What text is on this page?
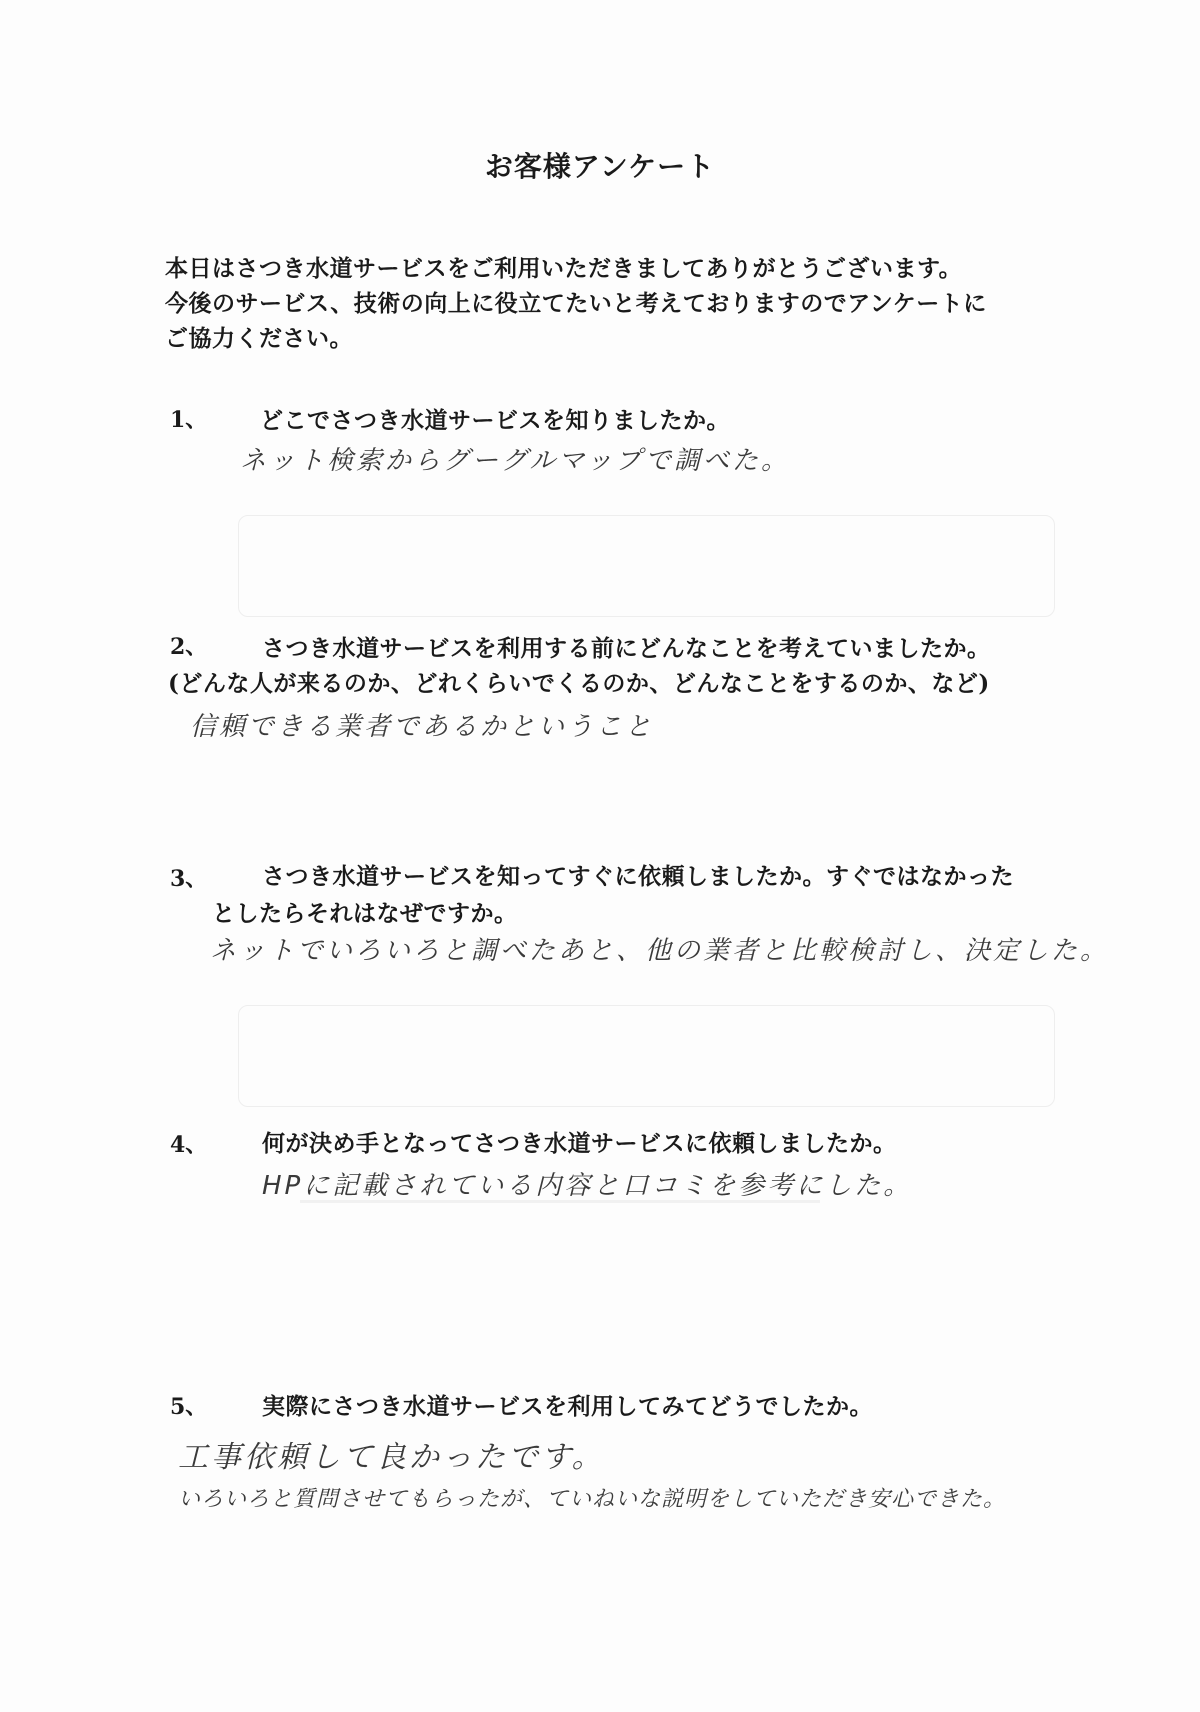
お客様アンケート
本日はさつき水道サービスをご利用いただきましてありがとうございます。
今後のサービス、技術の向上に役立てたいと考えておりますのでアンケートに
ご協力ください。
1、 どこでさつき水道サービスを知りましたか。
ネット検索からグーグルマップで調べた。
2、 さつき水道サービスを利用する前にどんなことを考えていましたか。
(どんな人が来るのか、どれくらいでくるのか、どんなことをするのか、など)
信頼できる業者であるかということ
3、 さつき水道サービスを知ってすぐに依頼しましたか。すぐではなかった
としたらそれはなぜですか。
ネットでいろいろと調べたあと、他の業者と比較検討し、決定した。
4、 何が決め手となってさつき水道サービスに依頼しましたか。
HPに記載されている内容と口コミを参考にした。
5、 実際にさつき水道サービスを利用してみてどうでしたか。
工事依頼して良かったです。
いろいろと質問させてもらったが、ていねいな説明をしていただき安心できた。
